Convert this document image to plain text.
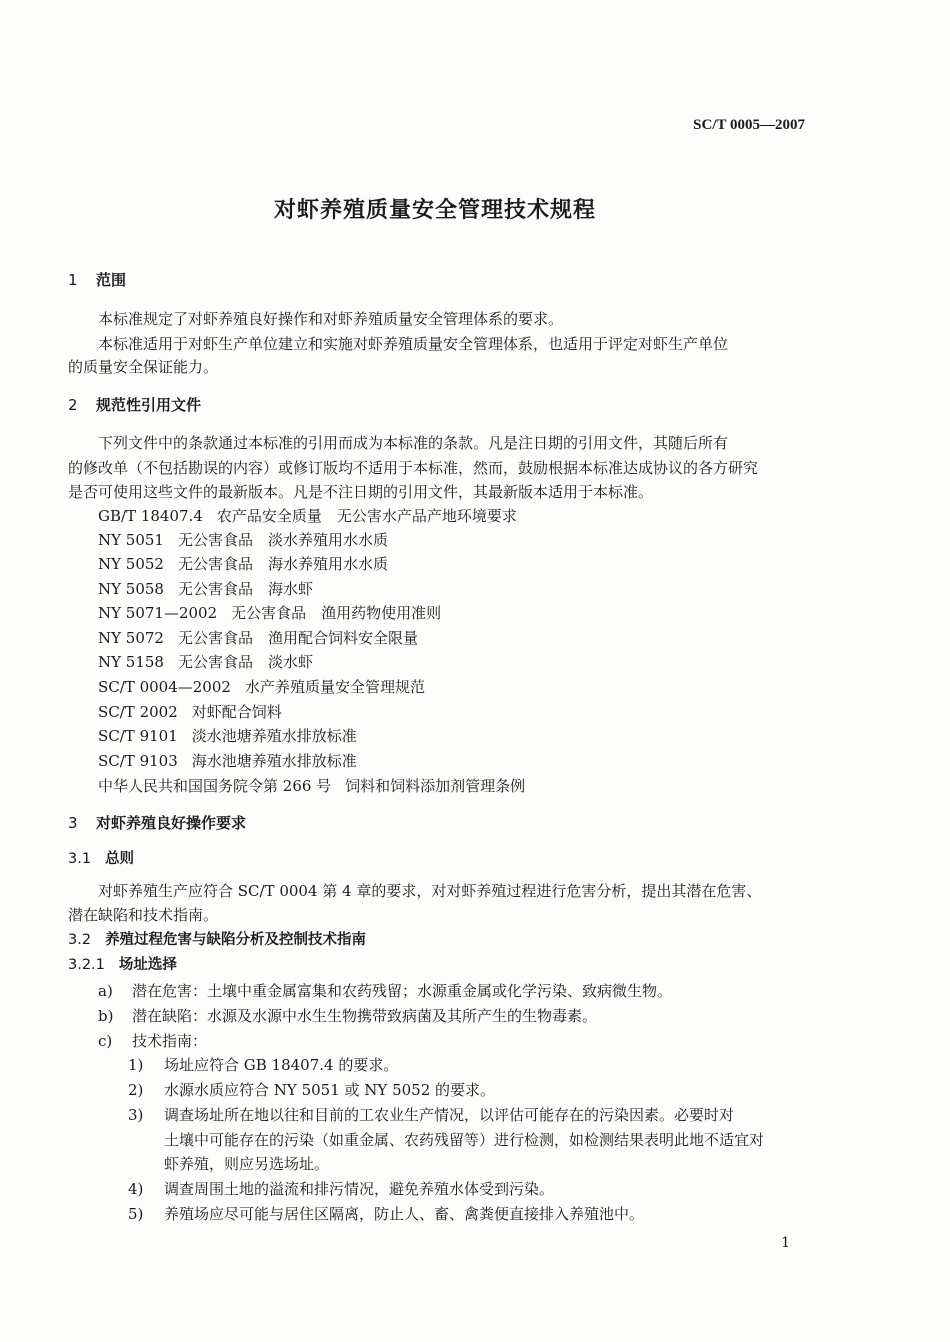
SC/T 0005—2007
对虾养殖质量安全管理技术规程
1 范围
本标准规定了对虾养殖良好操作和对虾养殖质量安全管理体系的要求。
本标准适用于对虾生产单位建立和实施对虾养殖质量安全管理体系，也适用于评定对虾生产单位
的质量安全保证能力。
2 规范性引用文件
下列文件中的条款通过本标准的引用而成为本标准的条款。凡是注日期的引用文件，其随后所有
的修改单（不包括勘误的内容）或修订版均不适用于本标准，然而，鼓励根据本标准达成协议的各方研究
是否可使用这些文件的最新版本。凡是不注日期的引用文件，其最新版本适用于本标准。
GB/T 18407.4 农产品安全质量　无公害水产品产地环境要求
NY 5051 无公害食品　淡水养殖用水水质
NY 5052 无公害食品　海水养殖用水水质
NY 5058 无公害食品　海水虾
NY 5071—2002 无公害食品　渔用药物使用准则
NY 5072 无公害食品　渔用配合饲料安全限量
NY 5158 无公害食品　淡水虾
SC/T 0004—2002 水产养殖质量安全管理规范
SC/T 2002 对虾配合饲料
SC/T 9101 淡水池塘养殖水排放标准
SC/T 9103 海水池塘养殖水排放标准
中华人民共和国国务院令第 266 号 饲料和饲料添加剂管理条例
3 对虾养殖良好操作要求
3.1 总则
对虾养殖生产应符合 SC/T 0004 第 4 章的要求，对对虾养殖过程进行危害分析，提出其潜在危害、
潜在缺陷和技术指南。
3.2 养殖过程危害与缺陷分析及控制技术指南
3.2.1 场址选择
a) 潜在危害：土壤中重金属富集和农药残留；水源重金属或化学污染、致病微生物。
b) 潜在缺陷：水源及水源中水生生物携带致病菌及其所产生的生物毒素。
c) 技术指南：
1) 场址应符合 GB 18407.4 的要求。
2) 水源水质应符合 NY 5051 或 NY 5052 的要求。
3) 调查场址所在地以往和目前的工农业生产情况，以评估可能存在的污染因素。必要时对
土壤中可能存在的污染（如重金属、农药残留等）进行检测，如检测结果表明此地不适宜对
虾养殖，则应另选场址。
4) 调查周围土地的溢流和排污情况，避免养殖水体受到污染。
5) 养殖场应尽可能与居住区隔离，防止人、畜、禽粪便直接排入养殖池中。
1
